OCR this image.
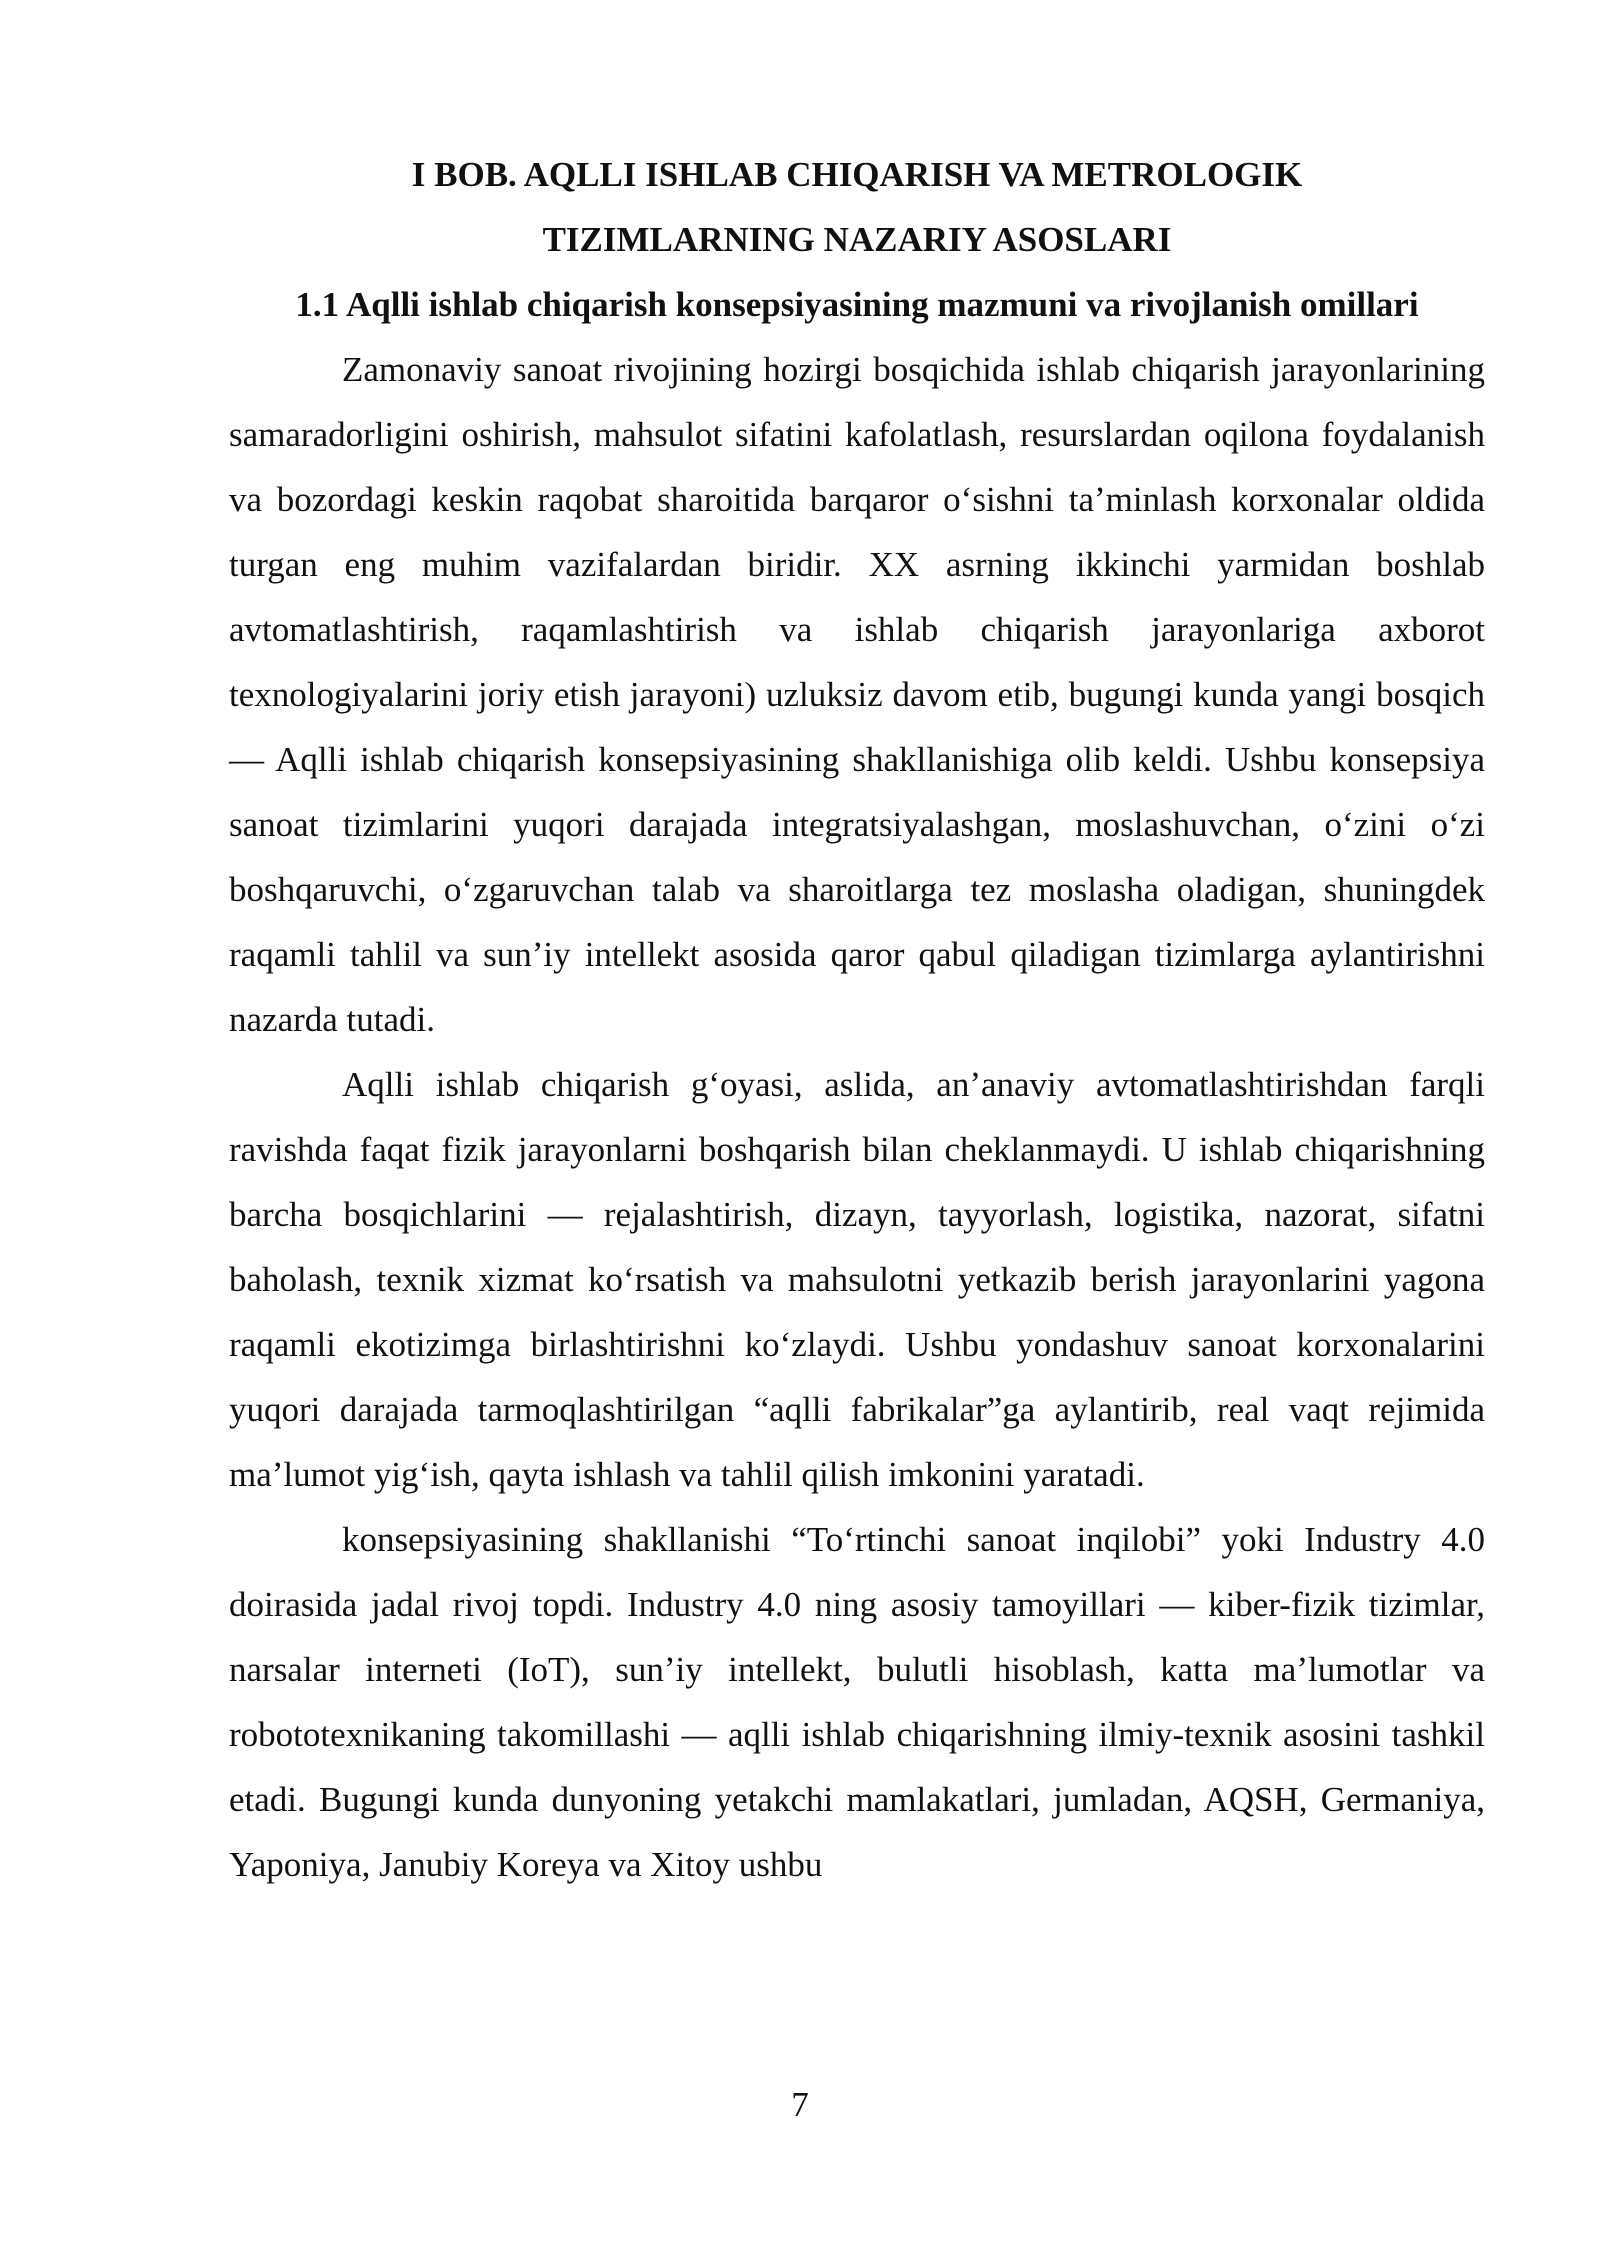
I BOB. AQLLI ISHLAB CHIQARISH VA METROLOGIK
TIZIMLARNING NAZARIY ASOSLARI

1.1 Aqlli ishlab chiqarish konsepsiyasining mazmuni va rivojlanish omillari

Zamonaviy sanoat rivojining hozirgi bosqichida ishlab chiqarish jarayonlarining samaradorligini oshirish, mahsulot sifatini kafolatlash, resurslardan oqilona foydalanish va bozordagi keskin raqobat sharoitida barqaror oʻsishni taʼminlash korxonalar oldida turgan eng muhim vazifalardan biridir. XX asrning ikkinchi yarmidan boshlab avtomatlashtirish, raqamlashtirish va ishlab chiqarish jarayonlariga axborot texnologiyalarini joriy etish jarayoni) uzluksiz davom etib, bugungi kunda yangi bosqich — Aqlli ishlab chiqarish konsepsiyasining shakllanishiga olib keldi. Ushbu konsepsiya sanoat tizimlarini yuqori darajada integratsiyalashgan, moslashuvchan, oʻzini oʻzi boshqaruvchi, oʻzgaruvchan talab va sharoitlarga tez moslasha oladigan, shuningdek raqamli tahlil va sunʼiy intellekt asosida qaror qabul qiladigan tizimlarga aylantirishni nazarda tutadi.

Aqlli ishlab chiqarish gʻoyasi, aslida, anʼanaviy avtomatlashtirishdan farqli ravishda faqat fizik jarayonlarni boshqarish bilan cheklanmaydi. U ishlab chiqarishning barcha bosqichlarini — rejalashtirish, dizayn, tayyorlash, logistika, nazorat, sifatni baholash, texnik xizmat koʻrsatish va mahsulotni yetkazib berish jarayonlarini yagona raqamli ekotizimga birlashtirishni koʻzlaydi. Ushbu yondashuv sanoat korxonalarini yuqori darajada tarmoqlashtirilgan “aqlli fabrikalar”ga aylantirib, real vaqt rejimida maʼlumot yigʻish, qayta ishlash va tahlil qilish imkonini yaratadi.

konsepsiyasining shakllanishi “Toʻrtinchi sanoat inqilobi” yoki Industry 4.0 doirasida jadal rivoj topdi. Industry 4.0 ning asosiy tamoyillari — kiber-fizik tizimlar, narsalar interneti (IoT), sunʼiy intellekt, bulutli hisoblash, katta maʼlumotlar va robototexnikaning takomillashi — aqlli ishlab chiqarishning ilmiy-texnik asosini tashkil etadi. Bugungi kunda dunyoning yetakchi mamlakatlari, jumladan, AQSH, Germaniya, Yaponiya, Janubiy Koreya va Xitoy ushbu

7
